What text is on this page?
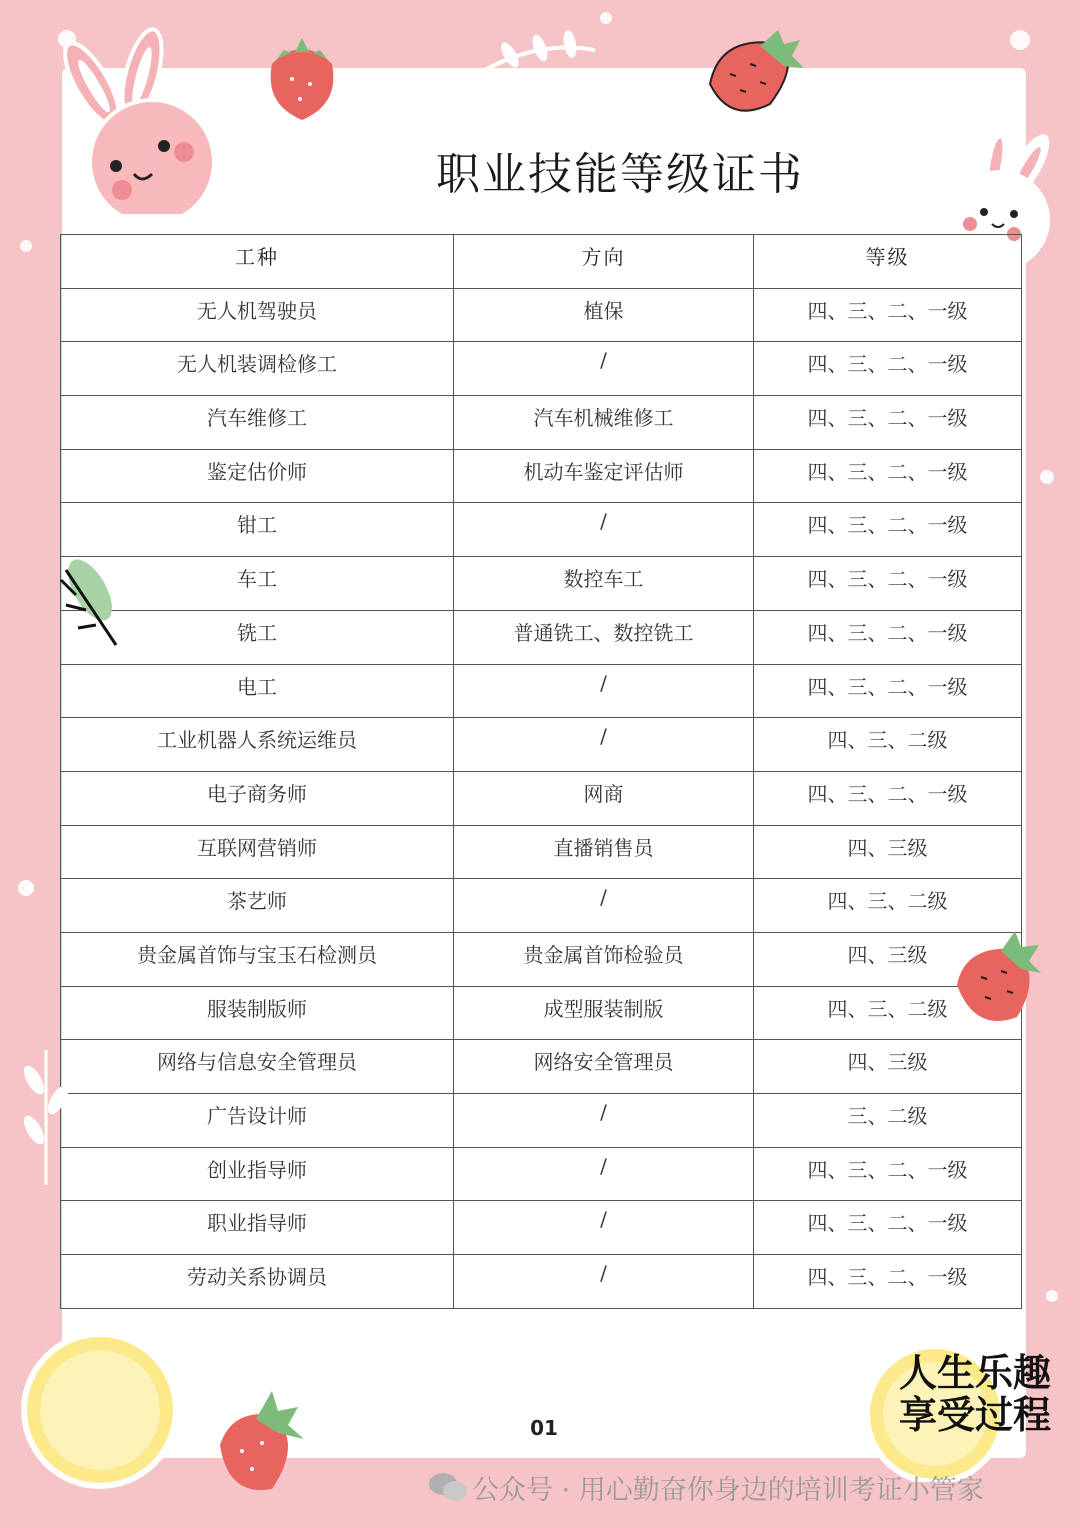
职业技能等级证书
工种	方向	等级
无人机驾驶员	植保	四、三、二、一级
无人机装调检修工	/	四、三、二、一级
汽车维修工	汽车机械维修工	四、三、二、一级
鉴定估价师	机动车鉴定评估师	四、三、二、一级
钳工	/	四、三、二、一级
车工	数控车工	四、三、二、一级
铣工	普通铣工、数控铣工	四、三、二、一级
电工	/	四、三、二、一级
工业机器人系统运维员	/	四、三、二级
电子商务师	网商	四、三、二、一级
互联网营销师	直播销售员	四、三级
茶艺师	/	四、三、二级
贵金属首饰与宝玉石检测员	贵金属首饰检验员	四、三级
服装制版师	成型服装制版	四、三、二级
网络与信息安全管理员	网络安全管理员	四、三级
广告设计师	/	三、二级
创业指导师	/	四、三、二、一级
职业指导师	/	四、三、二、一级
劳动关系协调员	/	四、三、二、一级
人生乐趣
享受过程
01
公众号 · 用心勤奋你身边的培训考证小管家
